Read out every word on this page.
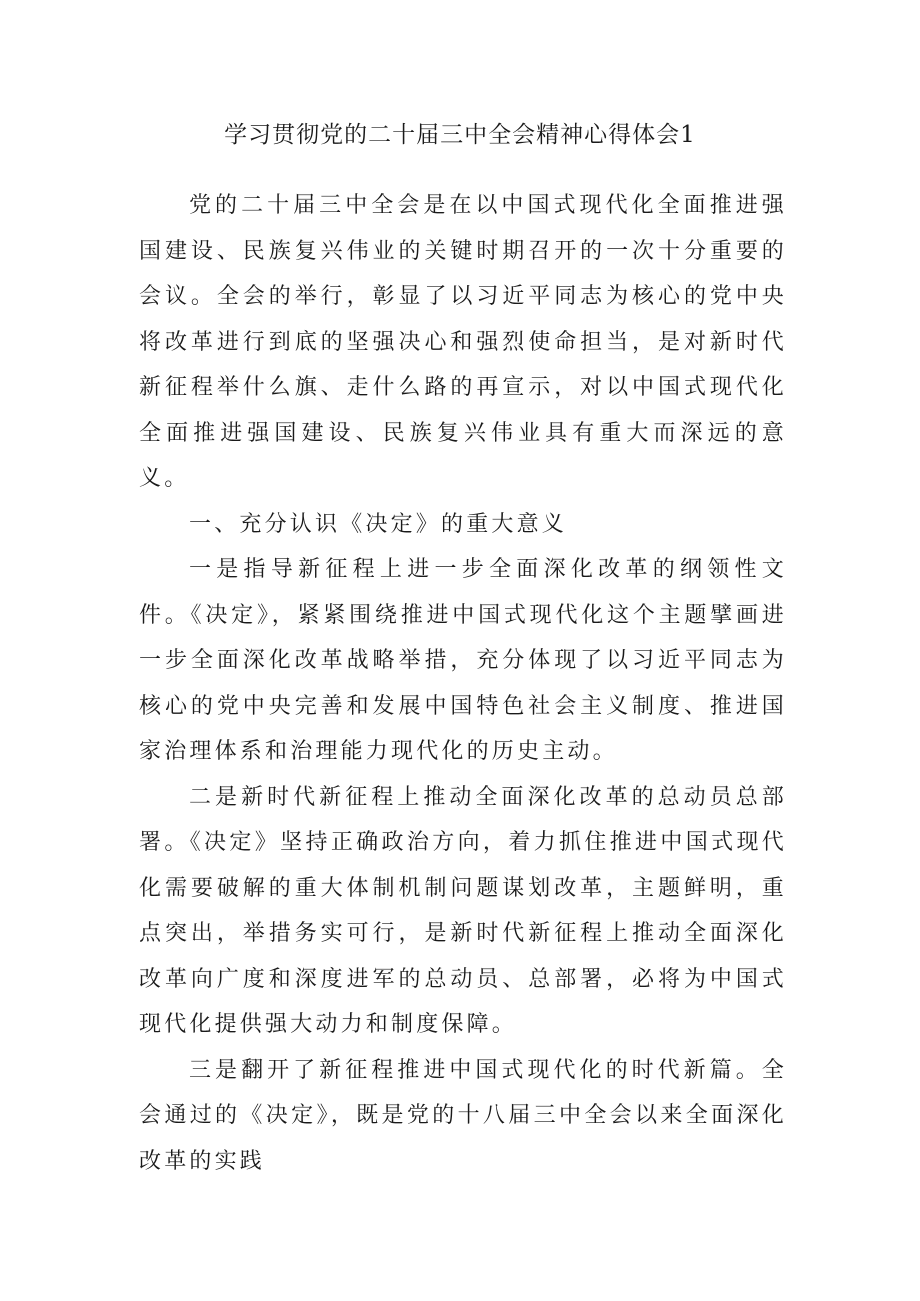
学习贯彻党的二十届三中全会精神心得体会1

党的二十届三中全会是在以中国式现代化全面推进强国建设、民族复兴伟业的关键时期召开的一次十分重要的会议。全会的举行，彰显了以习近平同志为核心的党中央将改革进行到底的坚强决心和强烈使命担当，是对新时代新征程举什么旗、走什么路的再宣示，对以中国式现代化全面推进强国建设、民族复兴伟业具有重大而深远的意义。

一、充分认识《决定》的重大意义

一是指导新征程上进一步全面深化改革的纲领性文件。《决定》，紧紧围绕推进中国式现代化这个主题擘画进一步全面深化改革战略举措，充分体现了以习近平同志为核心的党中央完善和发展中国特色社会主义制度、推进国家治理体系和治理能力现代化的历史主动。

二是新时代新征程上推动全面深化改革的总动员总部署。《决定》坚持正确政治方向，着力抓住推进中国式现代化需要破解的重大体制机制问题谋划改革，主题鲜明，重点突出，举措务实可行，是新时代新征程上推动全面深化改革向广度和深度进军的总动员、总部署，必将为中国式现代化提供强大动力和制度保障。

三是翻开了新征程推进中国式现代化的时代新篇。全会通过的《决定》，既是党的十八届三中全会以来全面深化改革的实践
